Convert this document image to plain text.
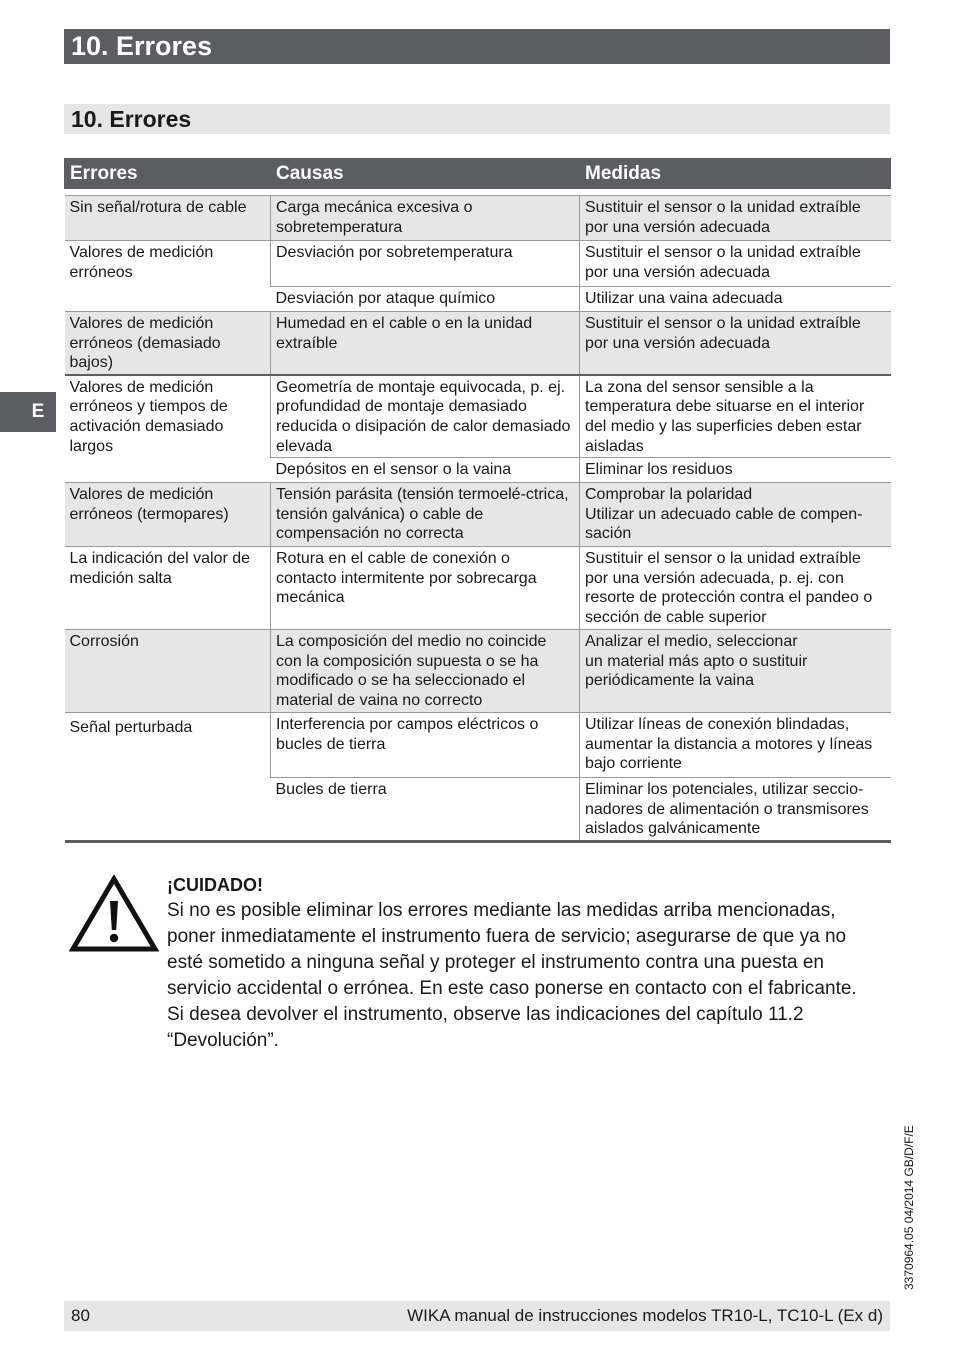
10. Errores
10. Errores
E
Errores	Causas	Medidas

Sin señal/rotura de cable	Carga mecánica excesiva o sobretemperatura	Sustituir el sensor o la unidad extraíble por una versión adecuada
Valores de medición erróneos	Desviación por sobretemperatura	Sustituir el sensor o la unidad extraíble por una versión adecuada
	Desviación por ataque químico	Utilizar una vaina adecuada
Valores de medición erróneos (demasiado bajos)	Humedad en el cable o en la unidad extraíble	Sustituir el sensor o la unidad extraíble por una versión adecuada
Valores de medición erróneos y tiempos de activación demasiado largos	Geometría de montaje equivocada, p. ej. profundidad de montaje demasiado reducida o disipación de calor demasiado elevada	La zona del sensor sensible a la temperatura debe situarse en el interior del medio y las superficies deben estar aisladas
	Depósitos en el sensor o la vaina	Eliminar los residuos
Valores de medición erróneos (termopares)	Tensión parásita (tensión termoelé-ctrica, tensión galvánica) o cable de compensación no correcta	Comprobar la polaridad
Utilizar un adecuado cable de compen-sación
La indicación del valor de medición salta	Rotura en el cable de conexión o contacto intermitente por sobrecarga mecánica	Sustituir el sensor o la unidad extraíble por una versión adecuada, p. ej. con resorte de protección contra el pandeo o sección de cable superior
Corrosión	La composición del medio no coincide con la composición supuesta o se ha modificado o se ha seleccionado el material de vaina no correcto	Analizar el medio, seleccionar
un material más apto o sustituir periódicamente la vaina
Señal perturbada	Interferencia por campos eléctricos o bucles de tierra	Utilizar líneas de conexión blindadas, aumentar la distancia a motores y líneas bajo corriente
	Bucles de tierra	Eliminar los potenciales, utilizar seccio-nadores de alimentación o transmisores aislados galvánicamente
¡CUIDADO!

Si no es posible eliminar los errores mediante las medidas arriba mencionadas, poner inmediatamente el instrumento fuera de servicio; asegurarse de que ya no esté sometido a ninguna señal y proteger el instrumento contra una puesta en servicio accidental o errónea. En este caso ponerse en contacto con el fabricante.

Si desea devolver el instrumento, observe las indicaciones del capítulo 11.2 “Devolución”.

3370964.05 04/2014 GB/D/F/E
80	WIKA manual de instrucciones modelos TR10-L, TC10-L (Ex d)
